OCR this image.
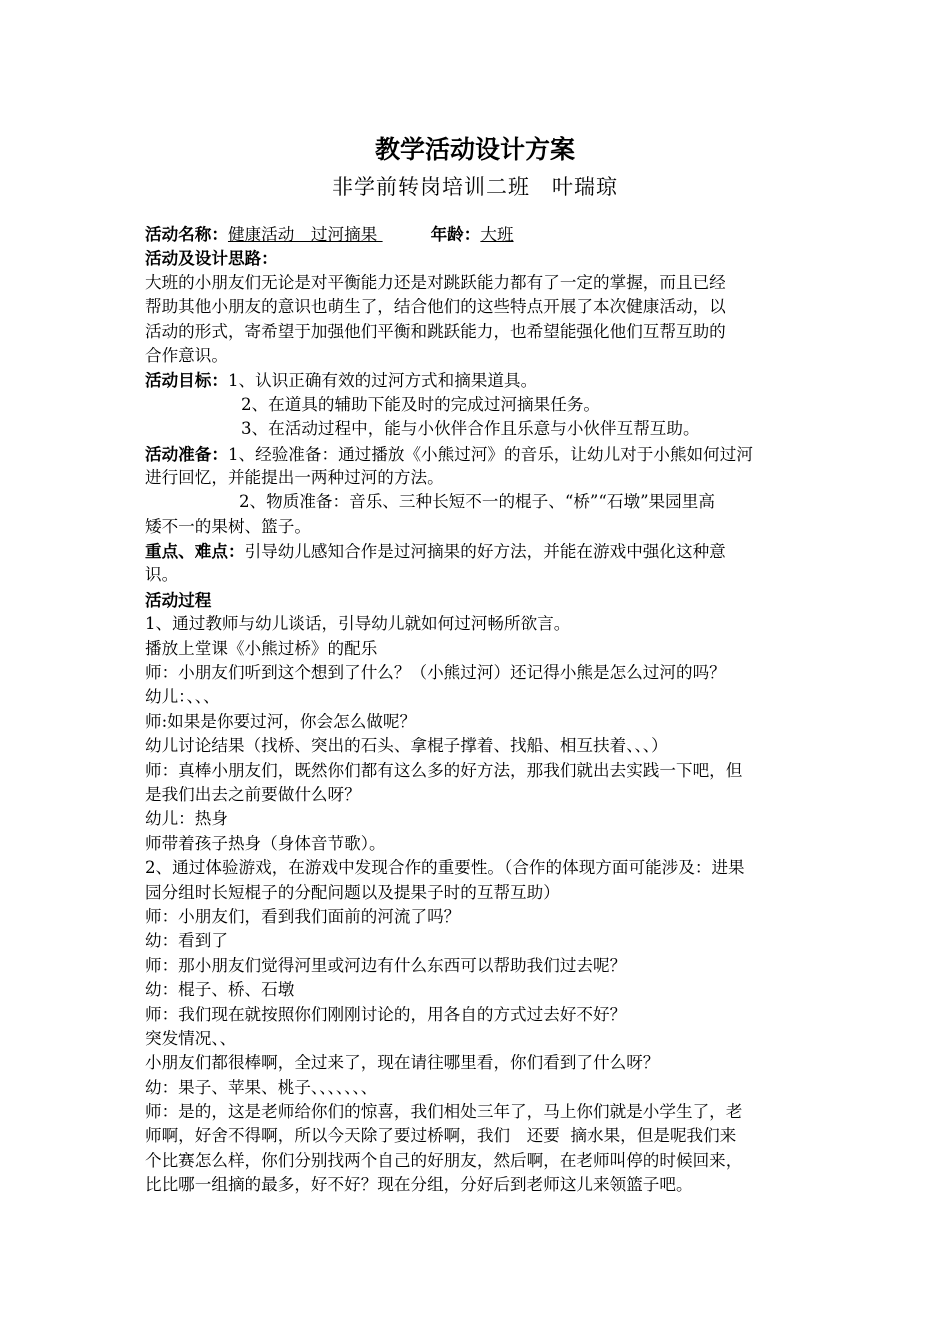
教学活动设计方案
非学前转岗培训二班　叶瑞琼
活动名称：健康活动　过河摘果	年龄：大班
活动及设计思路：
大班的小朋友们无论是对平衡能力还是对跳跃能力都有了一定的掌握，而且已经
帮助其他小朋友的意识也萌生了，结合他们的这些特点开展了本次健康活动，以
活动的形式，寄希望于加强他们平衡和跳跃能力，也希望能强化他们互帮互助的
合作意识。
活动目标：1、认识正确有效的过河方式和摘果道具。
2、在道具的辅助下能及时的完成过河摘果任务。
3、在活动过程中，能与小伙伴合作且乐意与小伙伴互帮互助。
活动准备：1、经验准备：通过播放《小熊过河》的音乐，让幼儿对于小熊如何过河
进行回忆，并能提出一两种过河的方法。
2、物质准备：音乐、三种长短不一的棍子、“桥”“石墩”果园里高
矮不一的果树、篮子。
重点、难点：引导幼儿感知合作是过河摘果的好方法，并能在游戏中强化这种意
识。
活动过程
1、通过教师与幼儿谈话，引导幼儿就如何过河畅所欲言。
播放上堂课《小熊过桥》的配乐
师：小朋友们听到这个想到了什么？（小熊过河）还记得小熊是怎么过河的吗？
幼儿：、、、
师:如果是你要过河，你会怎么做呢？
幼儿讨论结果（找桥、突出的石头、拿棍子撑着、找船、相互扶着、、、）
师：真棒小朋友们，既然你们都有这么多的好方法，那我们就出去实践一下吧，但
是我们出去之前要做什么呀？
幼儿：热身
师带着孩子热身（身体音节歌）。
2、通过体验游戏，在游戏中发现合作的重要性。（合作的体现方面可能涉及：进果
园分组时长短棍子的分配问题以及提果子时的互帮互助）
师：小朋友们，看到我们面前的河流了吗？
幼：看到了
师：那小朋友们觉得河里或河边有什么东西可以帮助我们过去呢？
幼：棍子、桥、石墩
师：我们现在就按照你们刚刚讨论的，用各自的方式过去好不好？
突发情况、、
小朋友们都很棒啊，全过来了，现在请往哪里看，你们看到了什么呀？
幼：果子、苹果、桃子、、、、、、、
师：是的，这是老师给你们的惊喜，我们相处三年了，马上你们就是小学生了，老
师啊，好舍不得啊，所以今天除了要过桥啊，我们　还要  摘水果，但是呢我们来
个比赛怎么样，你们分别找两个自己的好朋友，然后啊，在老师叫停的时候回来，
比比哪一组摘的最多，好不好？现在分组，分好后到老师这儿来领篮子吧。
